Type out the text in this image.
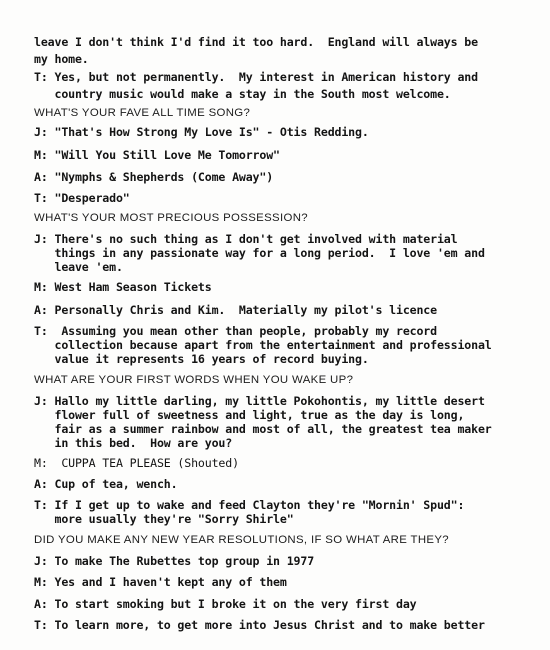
leave I don't think I'd find it too hard.  England will always be
my home.
T: Yes, but not permanently.  My interest in American history and
country music would make a stay in the South most welcome.
WHAT'S YOUR FAVE ALL TIME SONG?
J: "That's How Strong My Love Is" - Otis Redding.
M: "Will You Still Love Me Tomorrow"
A: "Nymphs & Shepherds (Come Away")
T: "Desperado"
WHAT'S YOUR MOST PRECIOUS POSSESSION?
J: There's no such thing as I don't get involved with material
things in any passionate way for a long period.  I love 'em and
leave 'em.
M: West Ham Season Tickets
A: Personally Chris and Kim.  Materially my pilot's licence
T:  Assuming you mean other than people, probably my record
collection because apart from the entertainment and professional
value it represents 16 years of record buying.
WHAT ARE YOUR FIRST WORDS WHEN YOU WAKE UP?
J: Hallo my little darling, my little Pokohontis, my little desert
flower full of sweetness and light, true as the day is long,
fair as a summer rainbow and most of all, the greatest tea maker
in this bed.  How are you?
M:  CUPPA TEA PLEASE (Shouted)
A: Cup of tea, wench.
T: If I get up to wake and feed Clayton they're "Mornin' Spud":
more usually they're "Sorry Shirle"
DID YOU MAKE ANY NEW YEAR RESOLUTIONS, IF SO WHAT ARE THEY?
J: To make The Rubettes top group in 1977
M: Yes and I haven't kept any of them
A: To start smoking but I broke it on the very first day
T: To learn more, to get more into Jesus Christ and to make better
